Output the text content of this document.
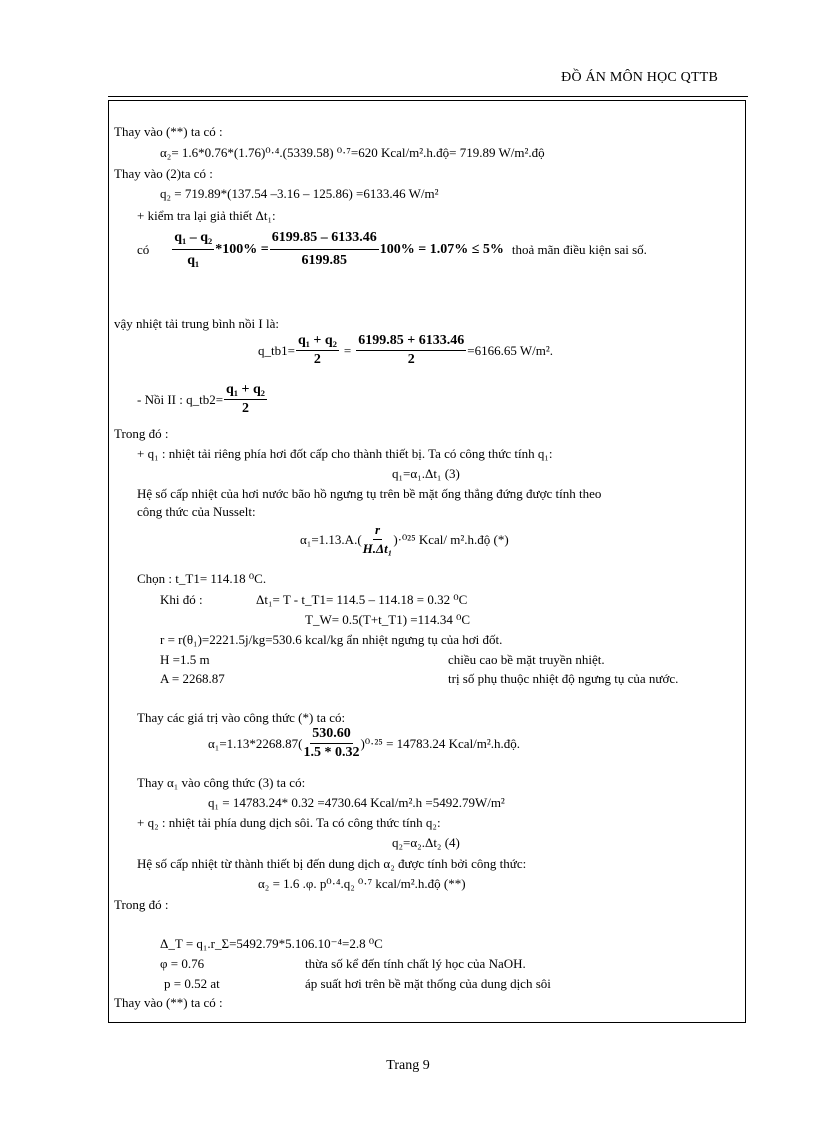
ĐỒ ÁN MÔN HỌC QTTB
Thay vào (**) ta có :
α₂= 1.6*0.76*(1.76)⁰·⁴.(5339.58) ⁰·⁷=620 Kcal/m².h.độ= 719.89 W/m².độ
Thay vào (2)ta có :
q₂ = 719.89*(137.54 –3.16 – 125.86) =6133.46 W/m²
+ kiểm tra lại giả thiết Δt₁:
có $\frac{\text{q₁ – q₂}}{\text{q₁}} *100\% = \frac{6199.85 - 6133.46}{6199.85} 100\% = 1.07\% \le 5\%$ thoả mãn điều kiện sai số.
vậy nhiệt tải trung bình nồi I là:
q_tb1= $\frac{\text{q₁ + q₂}}{2} = \frac{6199.85 + 6133.46}{2} =6166.65$ W/m².
- Nồi II : q_tb2= $\frac{\text{q₁ + q₂}}{2}$
Trong đó :
+ q₁ : nhiệt tải riêng phía hơi đốt cấp cho thành thiết bị. Ta có công thức tính q₁:
q₁=α₁.Δt₁ (3)
Hệ số cấp nhiệt của hơi nước bão hồ ngưng tụ trên bề mặt ống thẳng đứng được tính theo
công thức của Nusselt:
$\alpha_1=1.13.A.( \frac{r}{\text{H.Δt₁}} )\cdot^{025}$ Kcal/ m².h.độ (*)
Chọn : t_T1= 114.18 ⁰C.
Khi đó :	Δt₁= T - t_T1= 114.5 – 114.18 = 0.32 ⁰C
T_W= 0.5(T+t_T1) =114.34 ⁰C
r = r(θ₁)=2221.5j/kg=530.6 kcal/kg ẩn nhiệt ngưng tụ của hơi đốt.
H =1.5 m	chiều cao bề mặt truyền nhiệt.
A = 2268.87	trị số phụ thuộc nhiệt độ ngưng tụ của nước.
Thay các giá trị vào công thức (*) ta có:
$\alpha_1=1.13*2268.87( \frac{530.60}{1.5 * 0.32} )^0\cdot^{25} = 14783.24$ Kcal/m².h.độ.
Thay α₁ vào công thức (3) ta có:
q₁ = 14783.24* 0.32 =4730.64 Kcal/m².h =5492.79W/m²
+ q₂ : nhiệt tải phía dung dịch sôi. Ta có công thức tính q₂:
q₂=α₂.Δt₂ (4)
Hệ số cấp nhiệt từ thành thiết bị đến dung dịch α₂ được tính bởi công thức:
α₂ = 1.6 .φ. p⁰·⁴.q₂ ⁰·⁷ kcal/m².h.độ (**)
Trong đó :
Δ_T = q₁.r_Σ=5492.79*5.106.10⁻⁴=2.8 ⁰C
φ = 0.76	thừa số kể đến tính chất lý học của NaOH.
p = 0.52 at	áp suất hơi trên bề mặt thống của dung dịch sôi
Thay vào (**) ta có :
Trang 9
